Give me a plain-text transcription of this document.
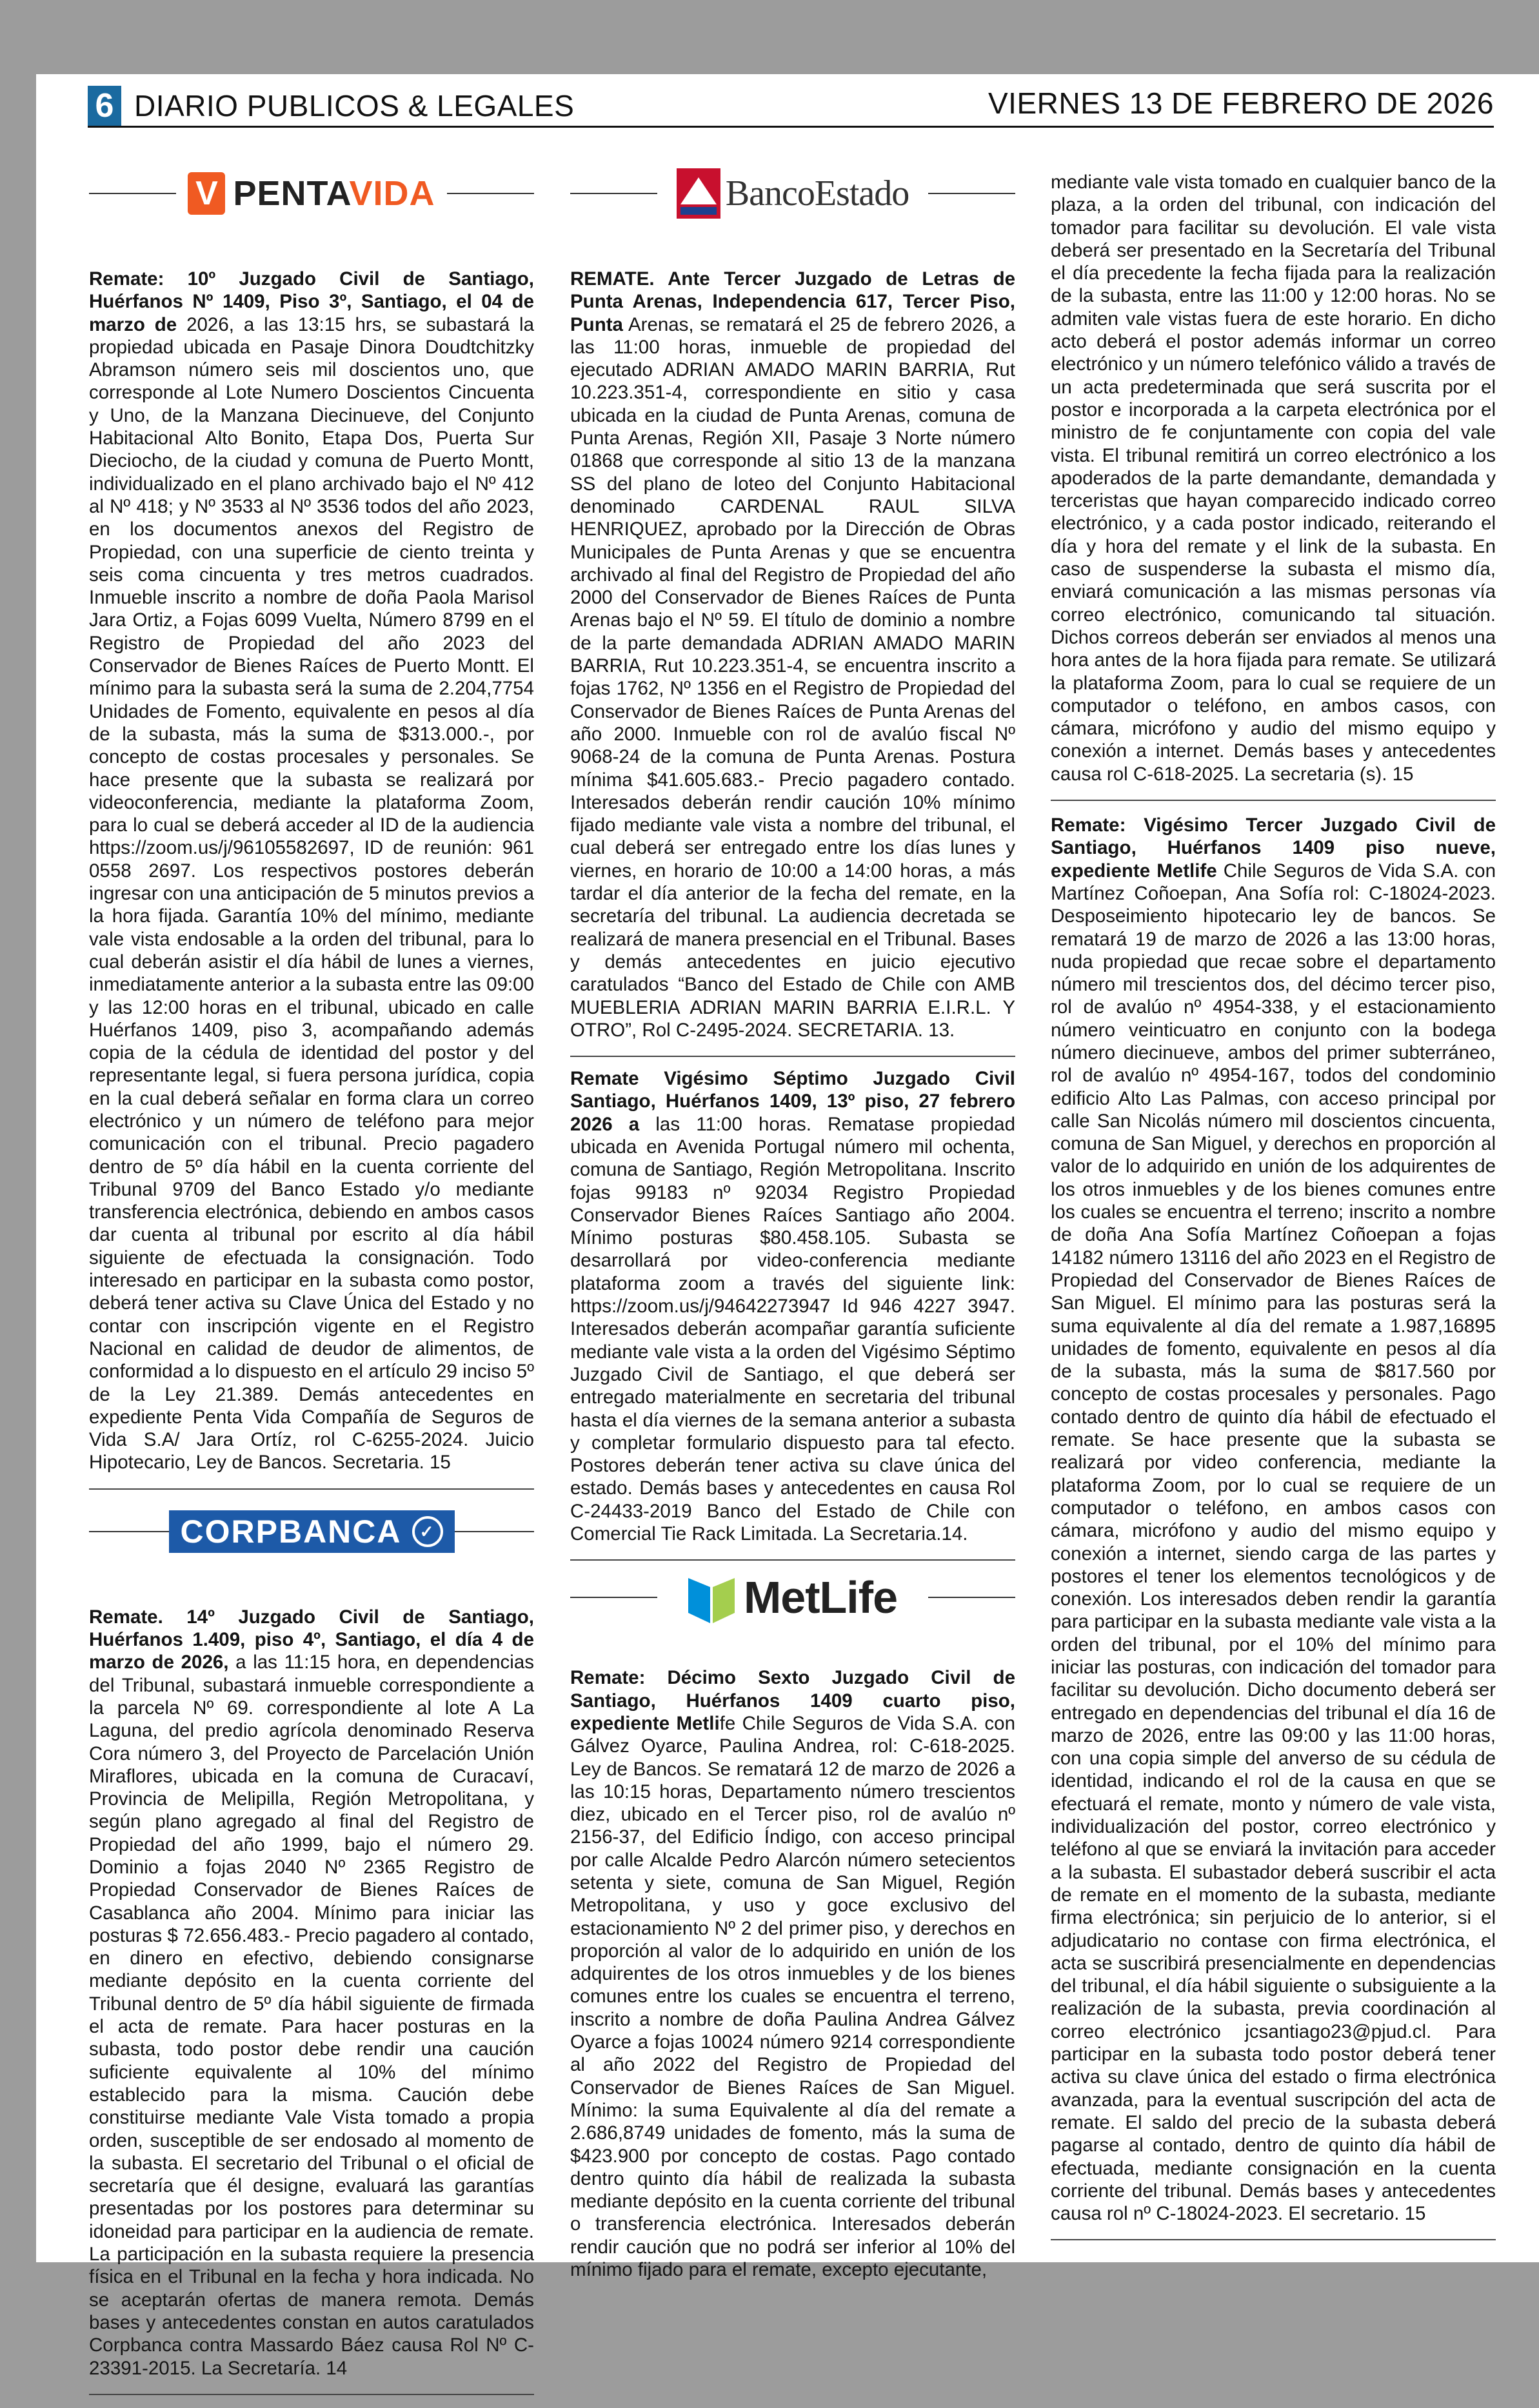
6 DIARIO PUBLICOS & LEGALES	VIERNES 13 DE FEBRERO DE 2026
V PENTAVIDA

Remate: 10º Juzgado Civil de Santiago, Huérfanos Nº 1409, Piso 3º, Santiago, el 04 de marzo de 2026, a las 13:15 hrs, se subastará la propiedad ubicada en Pasaje Dinora Doudtchitzky Abramson número seis mil doscientos uno, que corresponde al Lote Numero Doscientos Cincuenta y Uno, de la Manzana Diecinueve, del Conjunto Habitacional Alto Bonito, Etapa Dos, Puerta Sur Dieciocho, de la ciudad y comuna de Puerto Montt, individualizado en el plano archivado bajo el Nº 412 al Nº 418; y Nº 3533 al Nº 3536 todos del año 2023, en los documentos anexos del Registro de Propiedad, con una superficie de ciento treinta y seis coma cincuenta y tres metros cuadrados. Inmueble inscrito a nombre de doña Paola Marisol Jara Ortiz, a Fojas 6099 Vuelta, Número 8799 en el Registro de Propiedad del año 2023 del Conservador de Bienes Raíces de Puerto Montt. El mínimo para la subasta será la suma de 2.204,7754 Unidades de Fomento, equivalente en pesos al día de la subasta, más la suma de $313.000.-, por concepto de costas procesales y personales. Se hace presente que la subasta se realizará por videoconferencia, mediante la plataforma Zoom, para lo cual se deberá acceder al ID de la audiencia https://zoom.us/j/96105582697, ID de reunión: 961 0558 2697. Los respectivos postores deberán ingresar con una anticipación de 5 minutos previos a la hora fijada. Garantía 10% del mínimo, mediante vale vista endosable a la orden del tribunal, para lo cual deberán asistir el día hábil de lunes a viernes, inmediatamente anterior a la subasta entre las 09:00 y las 12:00 horas en el tribunal, ubicado en calle Huérfanos 1409, piso 3, acompañando además copia de la cédula de identidad del postor y del representante legal, si fuera persona jurídica, copia en la cual deberá señalar en forma clara un correo electrónico y un número de teléfono para mejor comunicación con el tribunal. Precio pagadero dentro de 5º día hábil en la cuenta corriente del Tribunal 9709 del Banco Estado y/o mediante transferencia electrónica, debiendo en ambos casos dar cuenta al tribunal por escrito al día hábil siguiente de efectuada la consignación. Todo interesado en participar en la subasta como postor, deberá tener activa su Clave Única del Estado y no contar con inscripción vigente en el Registro Nacional en calidad de deudor de alimentos, de conformidad a lo dispuesto en el artículo 29 inciso 5º de la Ley 21.389. Demás antecedentes en expediente Penta Vida Compañía de Seguros de Vida S.A/ Jara Ortíz, rol C-6255-2024. Juicio Hipotecario, Ley de Bancos. Secretaria. 15

CORPBANCA	✓

Remate. 14º Juzgado Civil de Santiago, Huérfanos 1.409, piso 4º, Santiago, el día 4 de marzo de 2026, a las 11:15 hora, en dependencias del Tribunal, subastará inmueble correspondiente a la parcela Nº 69. correspondiente al lote A La Laguna, del predio agrícola denominado Reserva Cora número 3, del Proyecto de Parcelación Unión Miraflores, ubicada en la comuna de Curacaví, Provincia de Melipilla, Región Metropolitana, y según plano agregado al final del Registro de Propiedad del año 1999, bajo el número 29. Dominio a fojas 2040 Nº 2365 Registro de Propiedad Conservador de Bienes Raíces de Casablanca año 2004. Mínimo para iniciar las posturas $ 72.656.483.- Precio pagadero al contado, en dinero en efectivo, debiendo consignarse mediante depósito en la cuenta corriente del Tribunal dentro de 5º día hábil siguiente de firmada el acta de remate. Para hacer posturas en la subasta, todo postor debe rendir una caución suficiente equivalente al 10% del mínimo establecido para la misma. Caución debe constituirse mediante Vale Vista tomado a propia orden, susceptible de ser endosado al momento de la subasta. El secretario del Tribunal o el oficial de secretaría que él designe, evaluará las garantías presentadas por los postores para determinar su idoneidad para participar en la audiencia de remate. La participación en la subasta requiere la presencia física en el Tribunal en la fecha y hora indicada. No se aceptarán ofertas de manera remota. Demás bases y antecedentes constan en autos caratulados Corpbanca contra Massardo Báez causa Rol Nº C-23391-2015. La Secretaría. 14

BancoEstado

REMATE. Ante Tercer Juzgado de Letras de Punta Arenas, Independencia 617, Tercer Piso, Punta Arenas, se rematará el 25 de febrero 2026, a las 11:00 horas, inmueble de propiedad del ejecutado ADRIAN AMADO MARIN BARRIA, Rut 10.223.351-4, correspondiente en sitio y casa ubicada en la ciudad de Punta Arenas, comuna de Punta Arenas, Región XII, Pasaje 3 Norte número 01868 que corresponde al sitio 13 de la manzana SS del plano de loteo del Conjunto Habitacional denominado CARDENAL RAUL SILVA HENRIQUEZ, aprobado por la Dirección de Obras Municipales de Punta Arenas y que se encuentra archivado al final del Registro de Propiedad del año 2000 del Conservador de Bienes Raíces de Punta Arenas bajo el Nº 59. El título de dominio a nombre de la parte demandada ADRIAN AMADO MARIN BARRIA, Rut 10.223.351-4, se encuentra inscrito a fojas 1762, Nº 1356 en el Registro de Propiedad del Conservador de Bienes Raíces de Punta Arenas del año 2000. Inmueble con rol de avalúo fiscal Nº 9068-24 de la comuna de Punta Arenas. Postura mínima $41.605.683.- Precio pagadero contado. Interesados deberán rendir caución 10% mínimo fijado mediante vale vista a nombre del tribunal, el cual deberá ser entregado entre los días lunes y viernes, en horario de 10:00 a 14:00 horas, a más tardar el día anterior de la fecha del remate, en la secretaría del tribunal. La audiencia decretada se realizará de manera presencial en el Tribunal. Bases y demás antecedentes en juicio ejecutivo caratulados “Banco del Estado de Chile con AMB MUEBLERIA ADRIAN MARIN BARRIA E.I.R.L. Y OTRO”, Rol C-2495-2024. SECRETARIA. 13.

Remate Vigésimo Séptimo Juzgado Civil Santiago, Huérfanos 1409, 13º piso, 27 febrero 2026 a las 11:00 horas. Rematase propiedad ubicada en Avenida Portugal número mil ochenta, comuna de Santiago, Región Metropolitana. Inscrito fojas 99183 nº 92034 Registro Propiedad Conservador Bienes Raíces Santiago año 2004. Mínimo posturas $80.458.105. Subasta se desarrollará por video-conferencia mediante plataforma zoom a través del siguiente link: https://zoom.us/j/94642273947 Id 946 4227 3947. Interesados deberán acompañar garantía suficiente mediante vale vista a la orden del Vigésimo Séptimo Juzgado Civil de Santiago, el que deberá ser entregado materialmente en secretaria del tribunal hasta el día viernes de la semana anterior a subasta y completar formulario dispuesto para tal efecto. Postores deberán tener activa su clave única del estado. Demás bases y antecedentes en causa Rol C-24433-2019 Banco del Estado de Chile con Comercial Tie Rack Limitada. La Secretaria.14.

MetLife

Remate: Décimo Sexto Juzgado Civil de Santiago, Huérfanos 1409 cuarto piso, expediente Metlife Chile Seguros de Vida S.A. con Gálvez Oyarce, Paulina Andrea, rol: C-618-2025. Ley de Bancos. Se rematará 12 de marzo de 2026 a las 10:15 horas, Departamento número trescientos diez, ubicado en el Tercer piso, rol de avalúo nº 2156-37, del Edificio Índigo, con acceso principal por calle Alcalde Pedro Alarcón número setecientos setenta y siete, comuna de San Miguel, Región Metropolitana, y uso y goce exclusivo del estacionamiento Nº 2 del primer piso, y derechos en proporción al valor de lo adquirido en unión de los adquirentes de los otros inmuebles y de los bienes comunes entre los cuales se encuentra el terreno, inscrito a nombre de doña Paulina Andrea Gálvez Oyarce a fojas 10024 número 9214 correspondiente al año 2022 del Registro de Propiedad del Conservador de Bienes Raíces de San Miguel. Mínimo: la suma Equivalente al día del remate a 2.686,8749 unidades de fomento, más la suma de $423.900 por concepto de costas. Pago contado dentro quinto día hábil de realizada la subasta mediante depósito en la cuenta corriente del tribunal o transferencia electrónica. Interesados deberán rendir caución que no podrá ser inferior al 10% del mínimo fijado para el remate, excepto ejecutante,

mediante vale vista tomado en cualquier banco de la plaza, a la orden del tribunal, con indicación del tomador para facilitar su devolución. El vale vista deberá ser presentado en la Secretaría del Tribunal el día precedente la fecha fijada para la realización de la subasta, entre las 11:00 y 12:00 horas. No se admiten vale vistas fuera de este horario. En dicho acto deberá el postor además informar un correo electrónico y un número telefónico válido a través de un acta predeterminada que será suscrita por el postor e incorporada a la carpeta electrónica por el ministro de fe conjuntamente con copia del vale vista. El tribunal remitirá un correo electrónico a los apoderados de la parte demandante, demandada y terceristas que hayan comparecido indicado correo electrónico, y a cada postor indicado, reiterando el día y hora del remate y el link de la subasta. En caso de suspenderse la subasta el mismo día, enviará comunicación a las mismas personas vía correo electrónico, comunicando tal situación. Dichos correos deberán ser enviados al menos una hora antes de la hora fijada para remate. Se utilizará la plataforma Zoom, para lo cual se requiere de un computador o teléfono, en ambos casos, con cámara, micrófono y audio del mismo equipo y conexión a internet. Demás bases y antecedentes causa rol C-618-2025. La secretaria (s). 15

Remate: Vigésimo Tercer Juzgado Civil de Santiago, Huérfanos 1409 piso nueve, expediente Metlife Chile Seguros de Vida S.A. con Martínez Coñoepan, Ana Sofía rol: C-18024-2023. Desposeimiento hipotecario ley de bancos. Se rematará 19 de marzo de 2026 a las 13:00 horas, nuda propiedad que recae sobre el departamento número mil trescientos dos, del décimo tercer piso, rol de avalúo nº 4954-338, y el estacionamiento número veinticuatro en conjunto con la bodega número diecinueve, ambos del primer subterráneo, rol de avalúo nº 4954-167, todos del condominio edificio Alto Las Palmas, con acceso principal por calle San Nicolás número mil doscientos cincuenta, comuna de San Miguel, y derechos en proporción al valor de lo adquirido en unión de los adquirentes de los otros inmuebles y de los bienes comunes entre los cuales se encuentra el terreno; inscrito a nombre de doña Ana Sofía Martínez Coñoepan a fojas 14182 número 13116 del año 2023 en el Registro de Propiedad del Conservador de Bienes Raíces de San Miguel. El mínimo para las posturas será la suma equivalente al día del remate a 1.987,16895 unidades de fomento, equivalente en pesos al día de la subasta, más la suma de $817.560 por concepto de costas procesales y personales. Pago contado dentro de quinto día hábil de efectuado el remate. Se hace presente que la subasta se realizará por video conferencia, mediante la plataforma Zoom, por lo cual se requiere de un computador o teléfono, en ambos casos con cámara, micrófono y audio del mismo equipo y conexión a internet, siendo carga de las partes y postores el tener los elementos tecnológicos y de conexión. Los interesados deben rendir la garantía para participar en la subasta mediante vale vista a la orden del tribunal, por el 10% del mínimo para iniciar las posturas, con indicación del tomador para facilitar su devolución. Dicho documento deberá ser entregado en dependencias del tribunal el día 16 de marzo de 2026, entre las 09:00 y las 11:00 horas, con una copia simple del anverso de su cédula de identidad, indicando el rol de la causa en que se efectuará el remate, monto y número de vale vista, individualización del postor, correo electrónico y teléfono al que se enviará la invitación para acceder a la subasta. El subastador deberá suscribir el acta de remate en el momento de la subasta, mediante firma electrónica; sin perjuicio de lo anterior, si el adjudicatario no contase con firma electrónica, el acta se suscribirá presencialmente en dependencias del tribunal, el día hábil siguiente o subsiguiente a la realización de la subasta, previa coordinación al correo electrónico jcsantiago23@pjud.cl. Para participar en la subasta todo postor deberá tener activa su clave única del estado o firma electrónica avanzada, para la eventual suscripción del acta de remate. El saldo del precio de la subasta deberá pagarse al contado, dentro de quinto día hábil de efectuada, mediante consignación en la cuenta corriente del tribunal. Demás bases y antecedentes causa rol nº C-18024-2023. El secretario. 15
